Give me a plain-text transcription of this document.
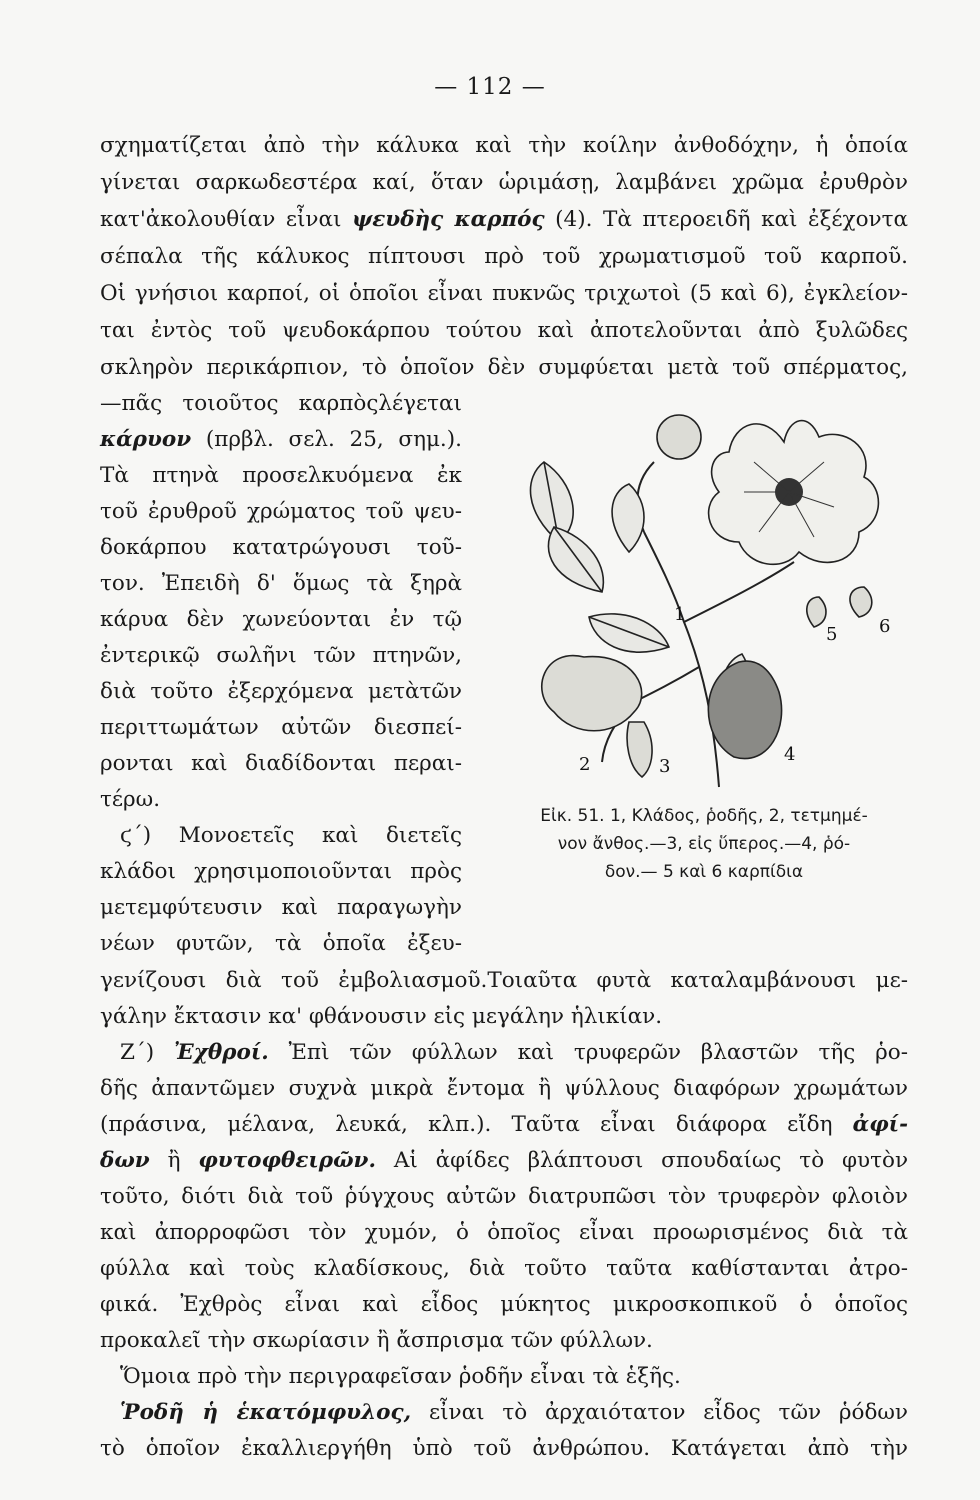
— 112 —
σχηματίζεται ἀπὸ τὴν κάλυκα καὶ τὴν κοίλην ἀνθοδόχην, ἡ ὁποία
γίνεται σαρκωδεστέρα καί, ὅταν ὡριμάσῃ, λαμβάνει χρῶμα ἐρυθρὸν
κατ'ἀκολουθίαν εἶναι ψευδὴς καρπός (4). Τὰ πτεροειδῆ καὶ ἐξέχοντα
σέπαλα τῆς κάλυκος πίπτουσι πρὸ τοῦ χρωματισμοῦ τοῦ καρποῦ.
Οἱ γνήσιοι καρποί, οἱ ὁποῖοι εἶναι πυκνῶς τριχωτοὶ (5 καὶ 6), ἐγκλείον-
ται ἐντὸς τοῦ ψευδοκάρπου τούτου καὶ ἀποτελοῦνται ἀπὸ ξυλῶδες
σκληρὸν περικάρπιον, τὸ ὁποῖον δὲν συμφύεται μετὰ τοῦ σπέρματος,
—πᾶς τοιοῦτος καρπὸςλέγεται
κάρυον (πρβλ. σελ. 25, σημ.).
Τὰ πτηνὰ προσελκυόμενα ἐκ
τοῦ ἐρυθροῦ χρώματος τοῦ ψευ-
δοκάρπου κατατρώγουσι τοῦ-
τον. Ἐπειδὴ δ' ὅμως τὰ ξηρὰ
κάρυα δὲν χωνεύονται ἐν τῷ
ἐντερικῷ σωλῆνι τῶν πτηνῶν,
διὰ τοῦτο ἐξερχόμενα μετὰτῶν
περιττωμάτων αὐτῶν διεσπεί-
ρονται καὶ διαδίδονται περαι-
τέρω.
ϛ΄) Μονοετεῖς καὶ διετεῖς
κλάδοι χρησιμοποιοῦνται πρὸς
μετεμφύτευσιν καὶ παραγωγὴν
νέων φυτῶν, τὰ ὁποῖα ἐξευ-
1
2	3
4
5 6
Εἰκ. 51. 1, Κλάδος, ῥοδῆς, 2, τετμημέ-
νον ἄνθος.—3, εἰς ὕπερος.—4, ῥό-
δον.— 5 καὶ 6 καρπίδια
γενίζουσι διὰ τοῦ ἐμβολιασμοῦ.Τοιαῦτα φυτὰ καταλαμβάνουσι με-
γάλην ἔκτασιν κα' φθάνουσιν εἰς μεγάλην ἡλικίαν.
Ζ΄) Ἐχθροί. Ἐπὶ τῶν φύλλων καὶ τρυφερῶν βλαστῶν τῆς ῥο-
δῆς ἀπαντῶμεν συχνὰ μικρὰ ἔντομα ἢ ψύλλους διαφόρων χρωμάτων
(πράσινα, μέλανα, λευκά, κλπ.). Ταῦτα εἶναι διάφορα εἴδη ἀφί-
δων ἢ φυτοφθειρῶν. Αἱ ἀφίδες βλάπτουσι σπουδαίως τὸ φυτὸν
τοῦτο, διότι διὰ τοῦ ῥύγχους αὐτῶν διατρυπῶσι τὸν τρυφερὸν φλοιὸν
καὶ ἀπορροφῶσι τὸν χυμόν, ὁ ὁποῖος εἶναι προωρισμένος διὰ τὰ
φύλλα καὶ τοὺς κλαδίσκους, διὰ τοῦτο ταῦτα καθίστανται ἀτρο-
φικά. Ἐχθρὸς εἶναι καὶ εἶδος μύκητος μικροσκοπικοῦ ὁ ὁποῖος
προκαλεῖ τὴν σκωρίασιν ἢ ἄσπρισμα τῶν φύλλων.
Ὅμοια πρὸ τὴν περιγραφεῖσαν ῥοδῆν εἶναι τὰ ἑξῆς.
Ῥοδῆ ἡ ἑκατόμφυλος, εἶναι τὸ ἀρχαιότατον εἶδος τῶν ῥόδων
τὸ ὁποῖον ἐκαλλιεργήθη ὑπὸ τοῦ ἀνθρώπου. Κατάγεται ἀπὸ τὴν
